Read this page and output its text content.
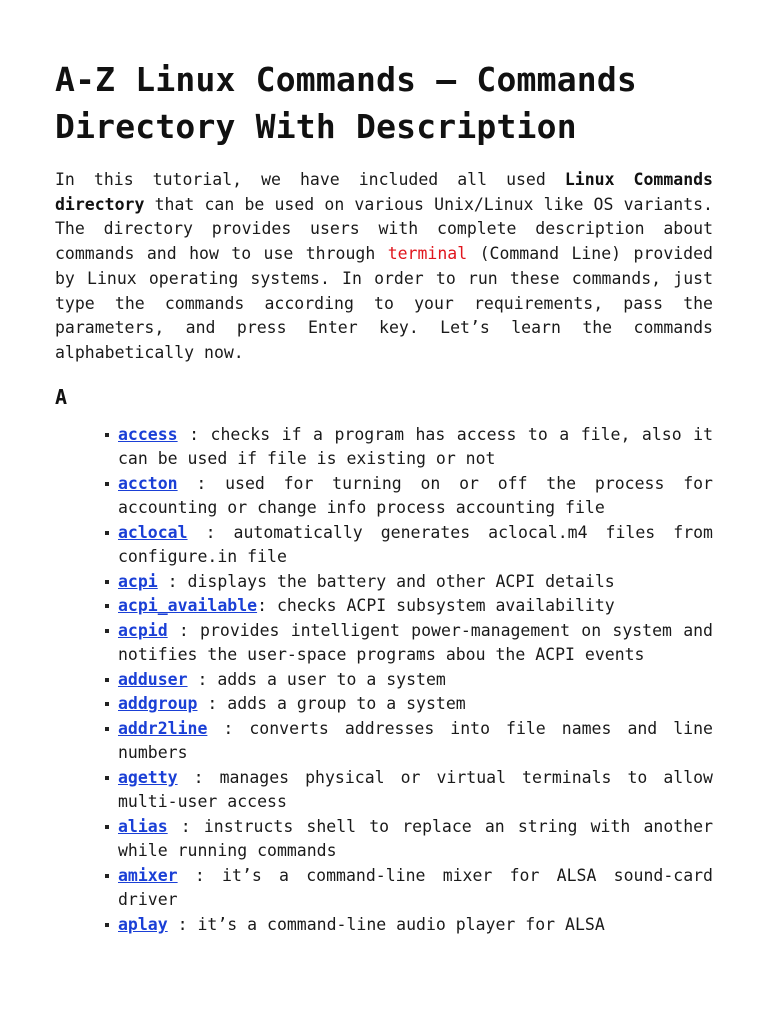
A-Z Linux Commands – Commands Directory With Description

In this tutorial, we have included all used Linux Commands directory that can be used on various Unix/Linux like OS variants. The directory provides users with complete description about commands and how to use through terminal (Command Line) provided by Linux operating systems. In order to run these commands, just type the commands according to your requirements, pass the parameters, and press Enter key. Let’s learn the commands alphabetically now.

A
access : checks if a program has access to a file, also it can be used if file is existing or not
accton : used for turning on or off the process for accounting or change info process accounting file
aclocal : automatically generates aclocal.m4 files from configure.in file
acpi : displays the battery and other ACPI details
acpi_available: checks ACPI subsystem availability
acpid : provides intelligent power-management on system and notifies the user-space programs abou the ACPI events
adduser : adds a user to a system
addgroup : adds a group to a system
addr2line : converts addresses into file names and line numbers
agetty : manages physical or virtual terminals to allow multi-user access
alias : instructs shell to replace an string with another while running commands
amixer : it’s a command-line mixer for ALSA sound-card driver
aplay : it’s a command-line audio player for ALSA
